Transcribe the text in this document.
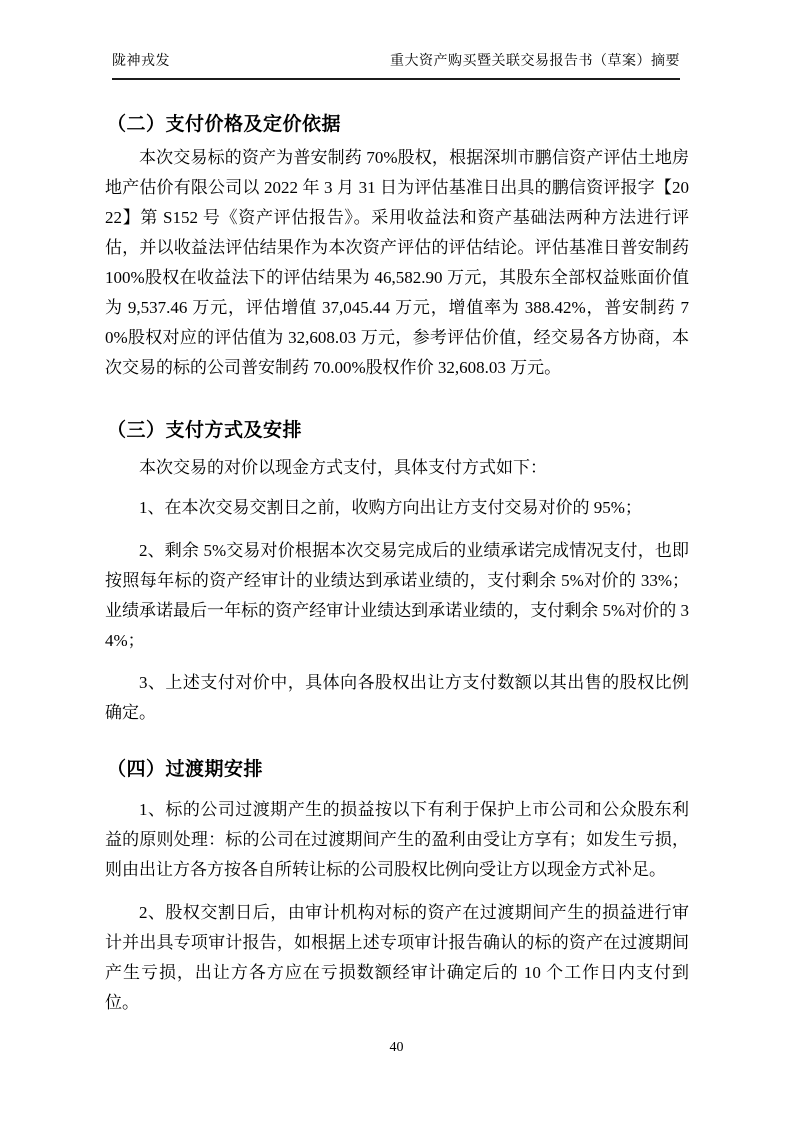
陇神戎发	重大资产购买暨关联交易报告书（草案）摘要
（二）支付价格及定价依据

本次交易标的资产为普安制药 70%股权，根据深圳市鹏信资产评估土地房地产估价有限公司以 2022 年 3 月 31 日为评估基准日出具的鹏信资评报字【2022】第 S152 号《资产评估报告》。采用收益法和资产基础法两种方法进行评估，并以收益法评估结果作为本次资产评估的评估结论。评估基准日普安制药 100%股权在收益法下的评估结果为 46,582.90 万元，其股东全部权益账面价值为 9,537.46 万元，评估增值 37,045.44 万元，增值率为 388.42%，普安制药 70%股权对应的评估值为 32,608.03 万元，参考评估价值，经交易各方协商，本次交易的标的公司普安制药 70.00%股权作价 32,608.03 万元。

（三）支付方式及安排

本次交易的对价以现金方式支付，具体支付方式如下：

1、在本次交易交割日之前，收购方向出让方支付交易对价的 95%；

2、剩余 5%交易对价根据本次交易完成后的业绩承诺完成情况支付，也即按照每年标的资产经审计的业绩达到承诺业绩的，支付剩余 5%对价的 33%；业绩承诺最后一年标的资产经审计业绩达到承诺业绩的，支付剩余 5%对价的 34%；

3、上述支付对价中，具体向各股权出让方支付数额以其出售的股权比例确定。

（四）过渡期安排

1、标的公司过渡期产生的损益按以下有利于保护上市公司和公众股东利益的原则处理：标的公司在过渡期间产生的盈利由受让方享有；如发生亏损，则由出让方各方按各自所转让标的公司股权比例向受让方以现金方式补足。

2、股权交割日后，由审计机构对标的资产在过渡期间产生的损益进行审计并出具专项审计报告，如根据上述专项审计报告确认的标的资产在过渡期间产生亏损，出让方各方应在亏损数额经审计确定后的 10 个工作日内支付到位。

40
